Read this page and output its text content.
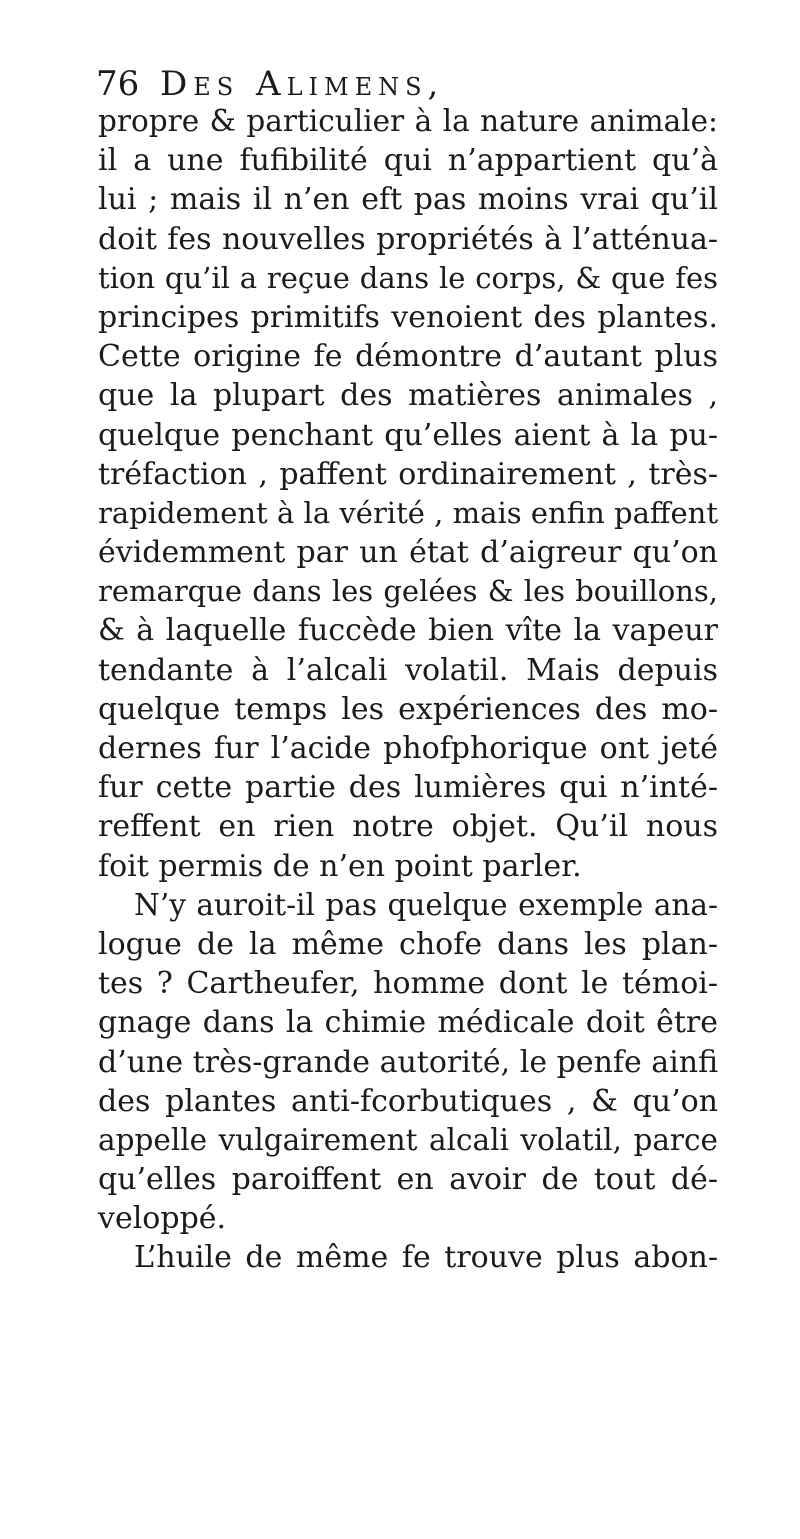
76 Des Alimens,
propre & particulier à la nature animale:
il a une fufibilité qui n’appartient qu’à
lui ; mais il n’en eft pas moins vrai qu’il
doit fes nouvelles propriétés à l’atténua-
tion qu’il a reçue dans le corps, & que fes
principes primitifs venoient des plantes.
Cette origine fe démontre d’autant plus
que la plupart des matières animales ,
quelque penchant qu’elles aient à la pu-
tréfaction , paffent ordinairement , très-
rapidement à la vérité , mais enfin paffent
évidemment par un état d’aigreur qu’on
remarque dans les gelées & les bouillons,
& à laquelle fuccède bien vîte la vapeur
tendante à l’alcali volatil. Mais depuis
quelque temps les expériences des mo-
dernes fur l’acide phofphorique ont jeté
fur cette partie des lumières qui n’inté-
reffent en rien notre objet. Qu’il nous
foit permis de n’en point parler.
N’y auroit-il pas quelque exemple ana-
logue de la même chofe dans les plan-
tes ? Cartheufer, homme dont le témoi-
gnage dans la chimie médicale doit être
d’une très-grande autorité, le penfe ainfi
des plantes anti-fcorbutiques , & qu’on
appelle vulgairement alcali volatil, parce
qu’elles paroiffent en avoir de tout dé-
veloppé.
L’huile de même fe trouve plus abon-
